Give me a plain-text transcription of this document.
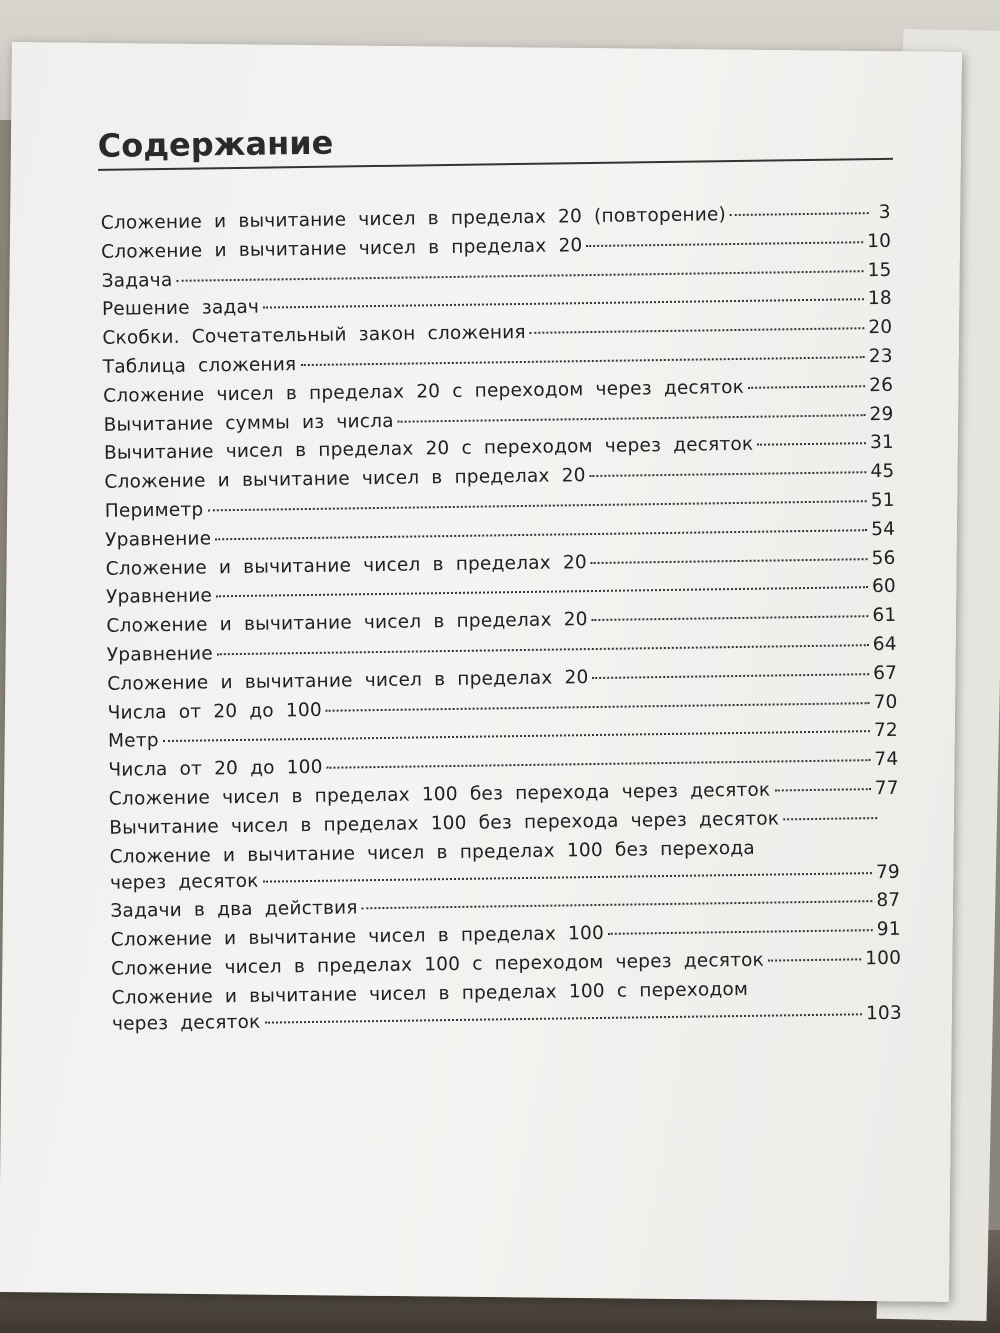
Содержание
Сложение и вычитание чисел в пределах 20 (повторение)	3
Сложение и вычитание чисел в пределах 20	10
Задача	15
Решение задач	18
Скобки. Сочетательный закон сложения	20
Таблица сложения	23
Сложение чисел в пределах 20 с переходом через десяток	26
Вычитание суммы из числа	29
Вычитание чисел в пределах 20 с переходом через десяток	31
Сложение и вычитание чисел в пределах 20	45
Периметр	51
Уравнение	54
Сложение и вычитание чисел в пределах 20	56
Уравнение	60
Сложение и вычитание чисел в пределах 20	61
Уравнение	64
Сложение и вычитание чисел в пределах 20	67
Числа от 20 до 100	70
Метр	72
Числа от 20 до 100	74
Сложение чисел в пределах 100 без перехода через десяток	77
Вычитание чисел в пределах 100 без перехода через десяток
Сложение и вычитание чисел в пределах 100 без перехода
через десяток	79
Задачи в два действия	87
Сложение и вычитание чисел в пределах 100	91
Сложение чисел в пределах 100 с переходом через десяток	100
Сложение и вычитание чисел в пределах 100 с переходом
через десяток	103
